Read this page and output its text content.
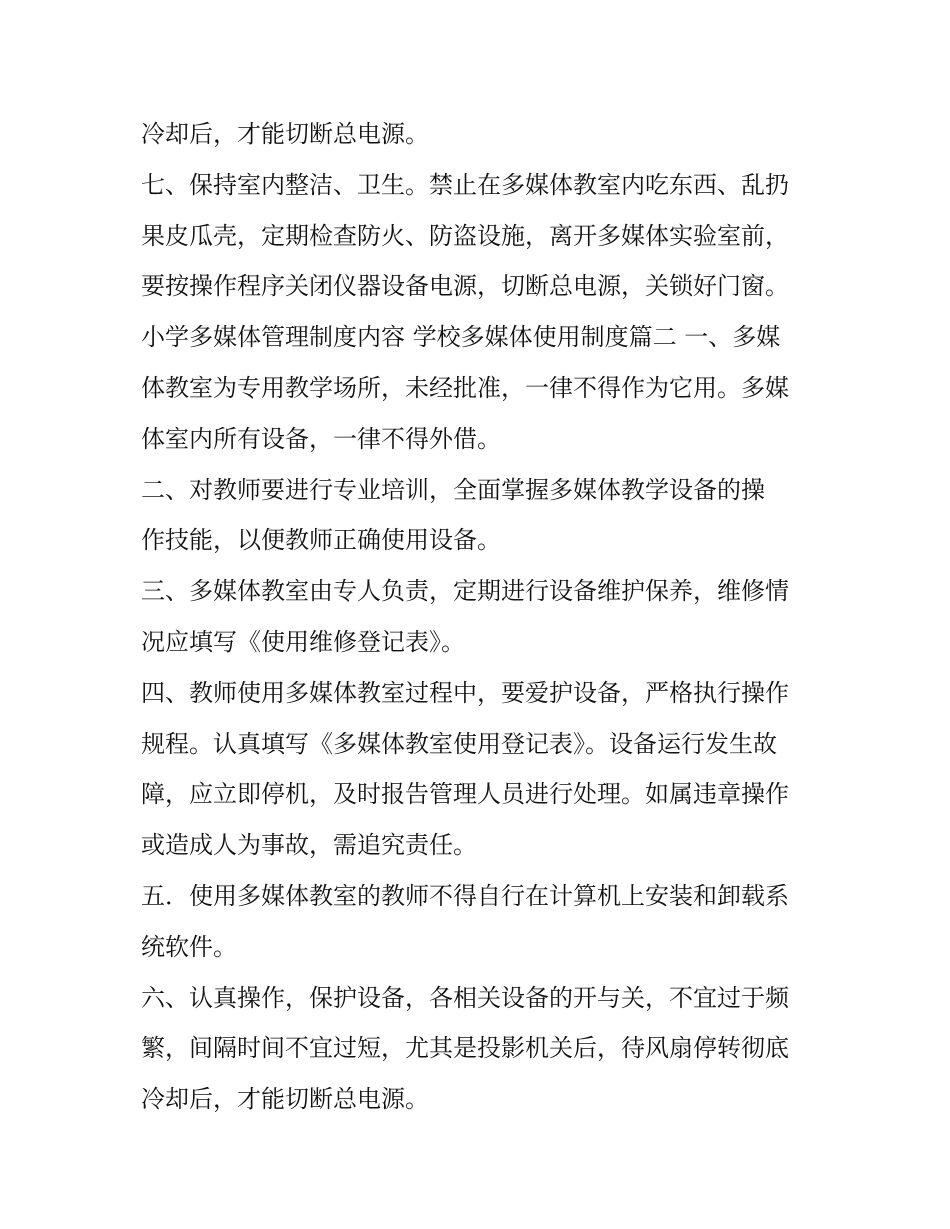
冷却后，才能切断总电源。
七、保持室内整洁、卫生。禁止在多媒体教室内吃东西、乱扔
果皮瓜壳，定期检查防火、防盗设施，离开多媒体实验室前，
要按操作程序关闭仪器设备电源，切断总电源，关锁好门窗。
小学多媒体管理制度内容 学校多媒体使用制度篇二 一、多媒
体教室为专用教学场所，未经批准，一律不得作为它用。多媒
体室内所有设备，一律不得外借。
二、对教师要进行专业培训，全面掌握多媒体教学设备的操
作技能，以便教师正确使用设备。
三、多媒体教室由专人负责，定期进行设备维护保养，维修情
况应填写《使用维修登记表》。
四、教师使用多媒体教室过程中，要爱护设备，严格执行操作
规程。认真填写《多媒体教室使用登记表》。设备运行发生故
障，应立即停机，及时报告管理人员进行处理。如属违章操作
或造成人为事故，需追究责任。
五．使用多媒体教室的教师不得自行在计算机上安装和卸载系
统软件。
六、认真操作，保护设备，各相关设备的开与关，不宜过于频
繁，间隔时间不宜过短，尤其是投影机关后，待风扇停转彻底
冷却后，才能切断总电源。
